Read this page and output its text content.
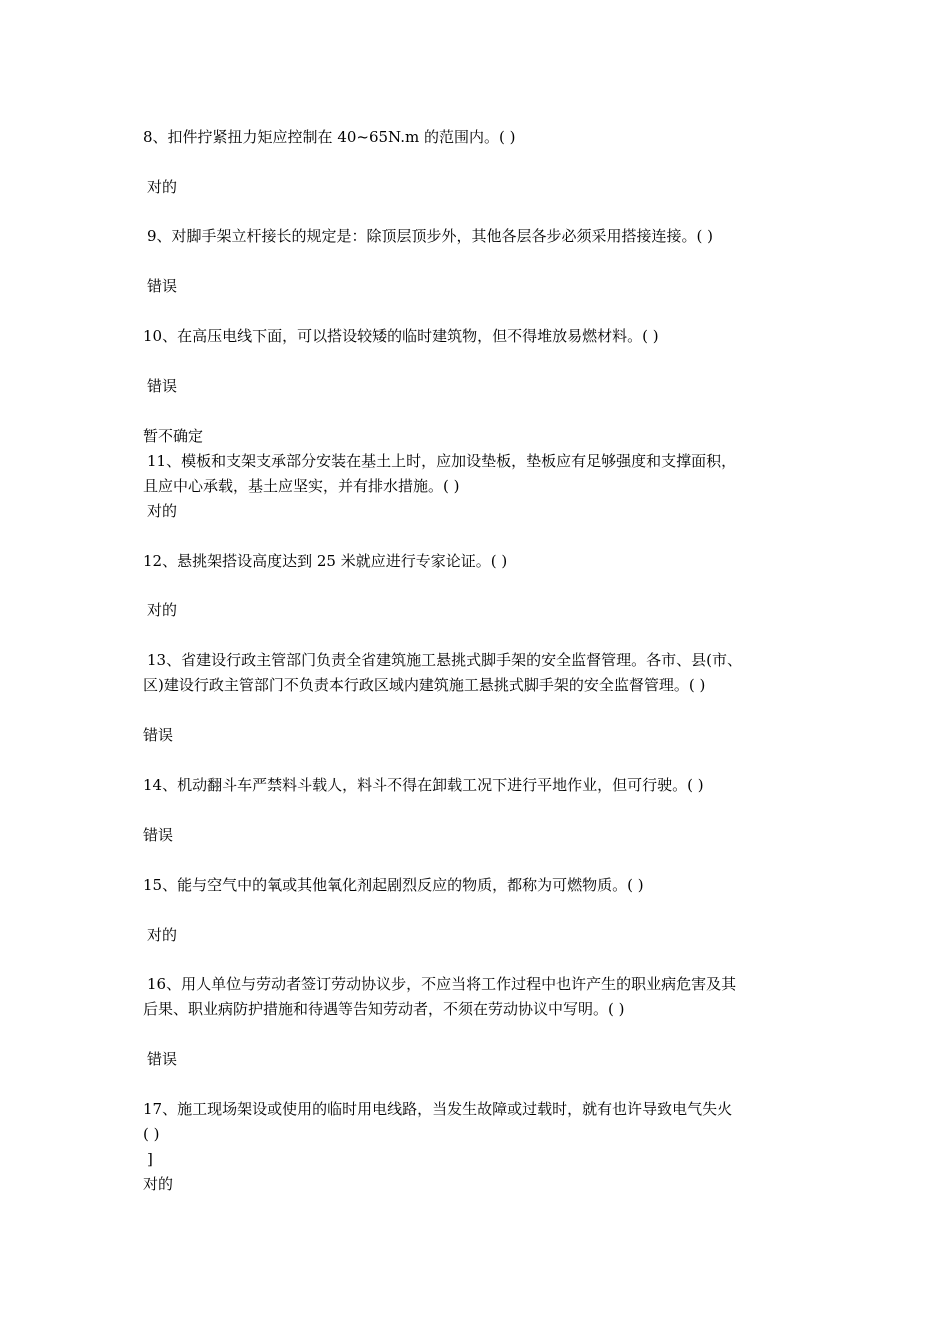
8、扣件拧紧扭力矩应控制在 40~65N.m 的范围内。( )
对的
9、对脚手架立杆接长的规定是：除顶层顶步外，其他各层各步必须采用搭接连接。( )
错误
10、在高压电线下面，可以搭设较矮的临时建筑物，但不得堆放易燃材料。( )
错误
暂不确定
11、模板和支架支承部分安装在基土上时，应加设垫板，垫板应有足够强度和支撑面积，
且应中心承载，基土应坚实，并有排水措施。( )
对的
12、悬挑架搭设高度达到 25 米就应进行专家论证。( )
对的
13、省建设行政主管部门负责全省建筑施工悬挑式脚手架的安全监督管理。各市、县(市、
区)建设行政主管部门不负责本行政区域内建筑施工悬挑式脚手架的安全监督管理。( )
错误
14、机动翻斗车严禁料斗载人，料斗不得在卸载工况下进行平地作业，但可行驶。( )
错误
15、能与空气中的氧或其他氧化剂起剧烈反应的物质，都称为可燃物质。( )
对的
16、用人单位与劳动者签订劳动协议步，不应当将工作过程中也许产生的职业病危害及其
后果、职业病防护措施和待遇等告知劳动者，不须在劳动协议中写明。( )
错误
17、施工现场架设或使用的临时用电线路，当发生故障或过载时，就有也许导致电气失火
( )
]
对的
